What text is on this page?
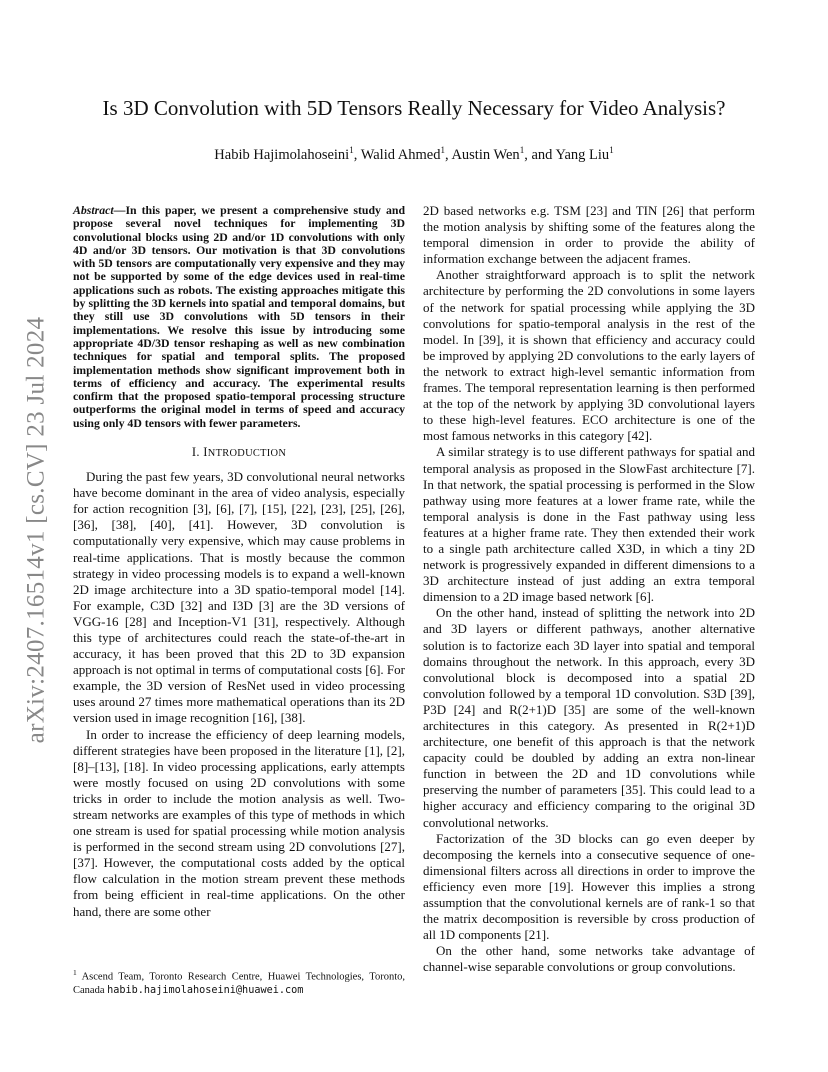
arXiv:2407.16514v1 [cs.CV] 23 Jul 2024
Is 3D Convolution with 5D Tensors Really Necessary for Video Analysis?
Habib Hajimolahoseini$^1$, Walid Ahmed$^1$, Austin Wen$^1$, and Yang Liu$^1$

Abstract—In this paper, we present a comprehensive study and propose several novel techniques for implementing 3D convolutional blocks using 2D and/or 1D convolutions with only 4D and/or 3D tensors. Our motivation is that 3D convolutions with 5D tensors are computationally very expensive and they may not be supported by some of the edge devices used in real-time applications such as robots. The existing approaches mitigate this by splitting the 3D kernels into spatial and temporal domains, but they still use 3D convolutions with 5D tensors in their implementations. We resolve this issue by introducing some appropriate 4D/3D tensor reshaping as well as new combination techniques for spatial and temporal splits. The proposed implementation methods show significant improvement both in terms of efficiency and accuracy. The experimental results confirm that the proposed spatio-temporal processing structure outperforms the original model in terms of speed and accuracy using only 4D tensors with fewer parameters.

I. INTRODUCTION

During the past few years, 3D convolutional neural networks have become dominant in the area of video analysis, especially for action recognition [3], [6], [7], [15], [22], [23], [25], [26], [36], [38], [40], [41]. However, 3D convolution is computationally very expensive, which may cause problems in real-time applications. That is mostly because the common strategy in video processing models is to expand a well-known 2D image architecture into a 3D spatio-temporal model [14]. For example, C3D [32] and I3D [3] are the 3D versions of VGG-16 [28] and Inception-V1 [31], respectively. Although this type of architectures could reach the state-of-the-art in accuracy, it has been proved that this 2D to 3D expansion approach is not optimal in terms of computational costs [6]. For example, the 3D version of ResNet used in video processing uses around 27 times more mathematical operations than its 2D version used in image recognition [16], [38].

In order to increase the efficiency of deep learning models, different strategies have been proposed in the literature [1], [2], [8]–[13], [18]. In video processing applications, early attempts were mostly focused on using 2D convolutions with some tricks in order to include the motion analysis as well. Two-stream networks are examples of this type of methods in which one stream is used for spatial processing while motion analysis is performed in the second stream using 2D convolutions [27], [37]. However, the computational costs added by the optical flow calculation in the motion stream prevent these methods from being efficient in real-time applications. On the other hand, there are some other

2D based networks e.g. TSM [23] and TIN [26] that perform the motion analysis by shifting some of the features along the temporal dimension in order to provide the ability of information exchange between the adjacent frames.

Another straightforward approach is to split the network architecture by performing the 2D convolutions in some layers of the network for spatial processing while applying the 3D convolutions for spatio-temporal analysis in the rest of the model. In [39], it is shown that efficiency and accuracy could be improved by applying 2D convolutions to the early layers of the network to extract high-level semantic information from frames. The temporal representation learning is then performed at the top of the network by applying 3D convolutional layers to these high-level features. ECO architecture is one of the most famous networks in this category [42].

A similar strategy is to use different pathways for spatial and temporal analysis as proposed in the SlowFast architecture [7]. In that network, the spatial processing is performed in the Slow pathway using more features at a lower frame rate, while the temporal analysis is done in the Fast pathway using less features at a higher frame rate. They then extended their work to a single path architecture called X3D, in which a tiny 2D network is progressively expanded in different dimensions to a 3D architecture instead of just adding an extra temporal dimension to a 2D image based network [6].

On the other hand, instead of splitting the network into 2D and 3D layers or different pathways, another alternative solution is to factorize each 3D layer into spatial and temporal domains throughout the network. In this approach, every 3D convolutional block is decomposed into a spatial 2D convolution followed by a temporal 1D convolution. S3D [39], P3D [24] and R(2+1)D [35] are some of the well-known architectures in this category. As presented in R(2+1)D architecture, one benefit of this approach is that the network capacity could be doubled by adding an extra non-linear function in between the 2D and 1D convolutions while preserving the number of parameters [35]. This could lead to a higher accuracy and efficiency comparing to the original 3D convolutional networks.

Factorization of the 3D blocks can go even deeper by decomposing the kernels into a consecutive sequence of one-dimensional filters across all directions in order to improve the efficiency even more [19]. However this implies a strong assumption that the convolutional kernels are of rank-1 so that the matrix decomposition is reversible by cross production of all 1D components [21].

On the other hand, some networks take advantage of channel-wise separable convolutions or group convolutions.

$^1$ Ascend Team, Toronto Research Centre, Huawei Technologies, Toronto, Canada habib.hajimolahoseini@huawei.com
